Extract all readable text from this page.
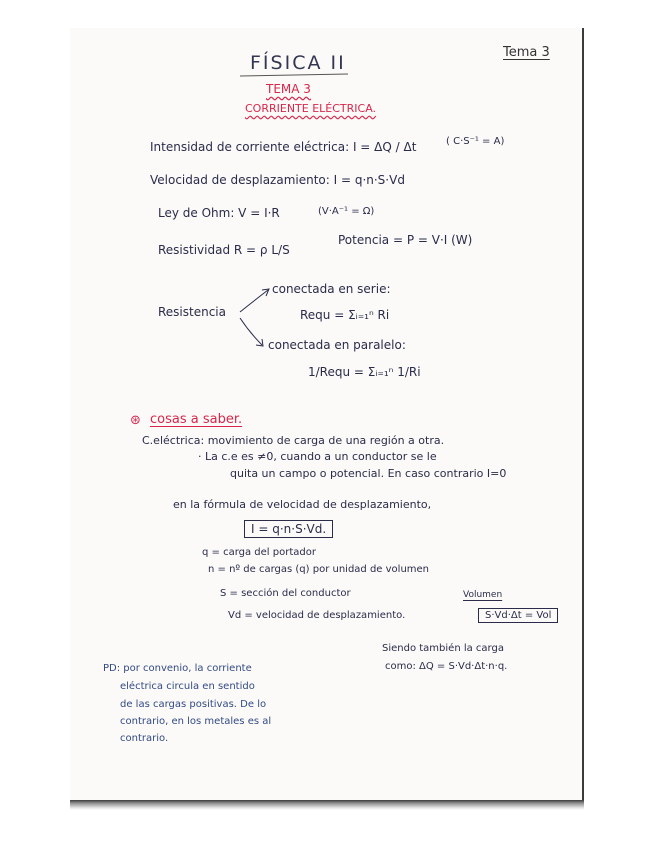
FÍSICA II	Tema 3
TEMA 3
CORRIENTE ELÉCTRICA.
Intensidad de corriente eléctrica: I = ΔQ / Δt	( C·S⁻¹ = A)
Velocidad de desplazamiento: I = q·n·S·Vd
Ley de Ohm: V = I·R	(V·A⁻¹ = Ω)
Resistividad R = ρ L/S
Potencia = P = V·I (W)
Resistencia
conectada en serie:
Requ = Σᵢ₌₁ⁿ Ri
conectada en paralelo:
1/Requ = Σᵢ₌₁ⁿ 1/Ri
⊛ cosas a saber.
C.eléctrica: movimiento de carga de una región a otra.
· La c.e es ≠0, cuando a un conductor se le
quita un campo o potencial. En caso contrario I=0
en la fórmula de velocidad de desplazamiento,
I = q·n·S·Vd.
q = carga del portador
n = nº de cargas (q) por unidad de volumen
S = sección del conductor
Vd = velocidad de desplazamiento.
Volumen
S·Vd·Δt = Vol
Siendo también la carga
como: ΔQ = S·Vd·Δt·n·q.
PD: por convenio, la corriente
eléctrica circula en sentido
de las cargas positivas. De lo
contrario, en los metales es al
contrario.
